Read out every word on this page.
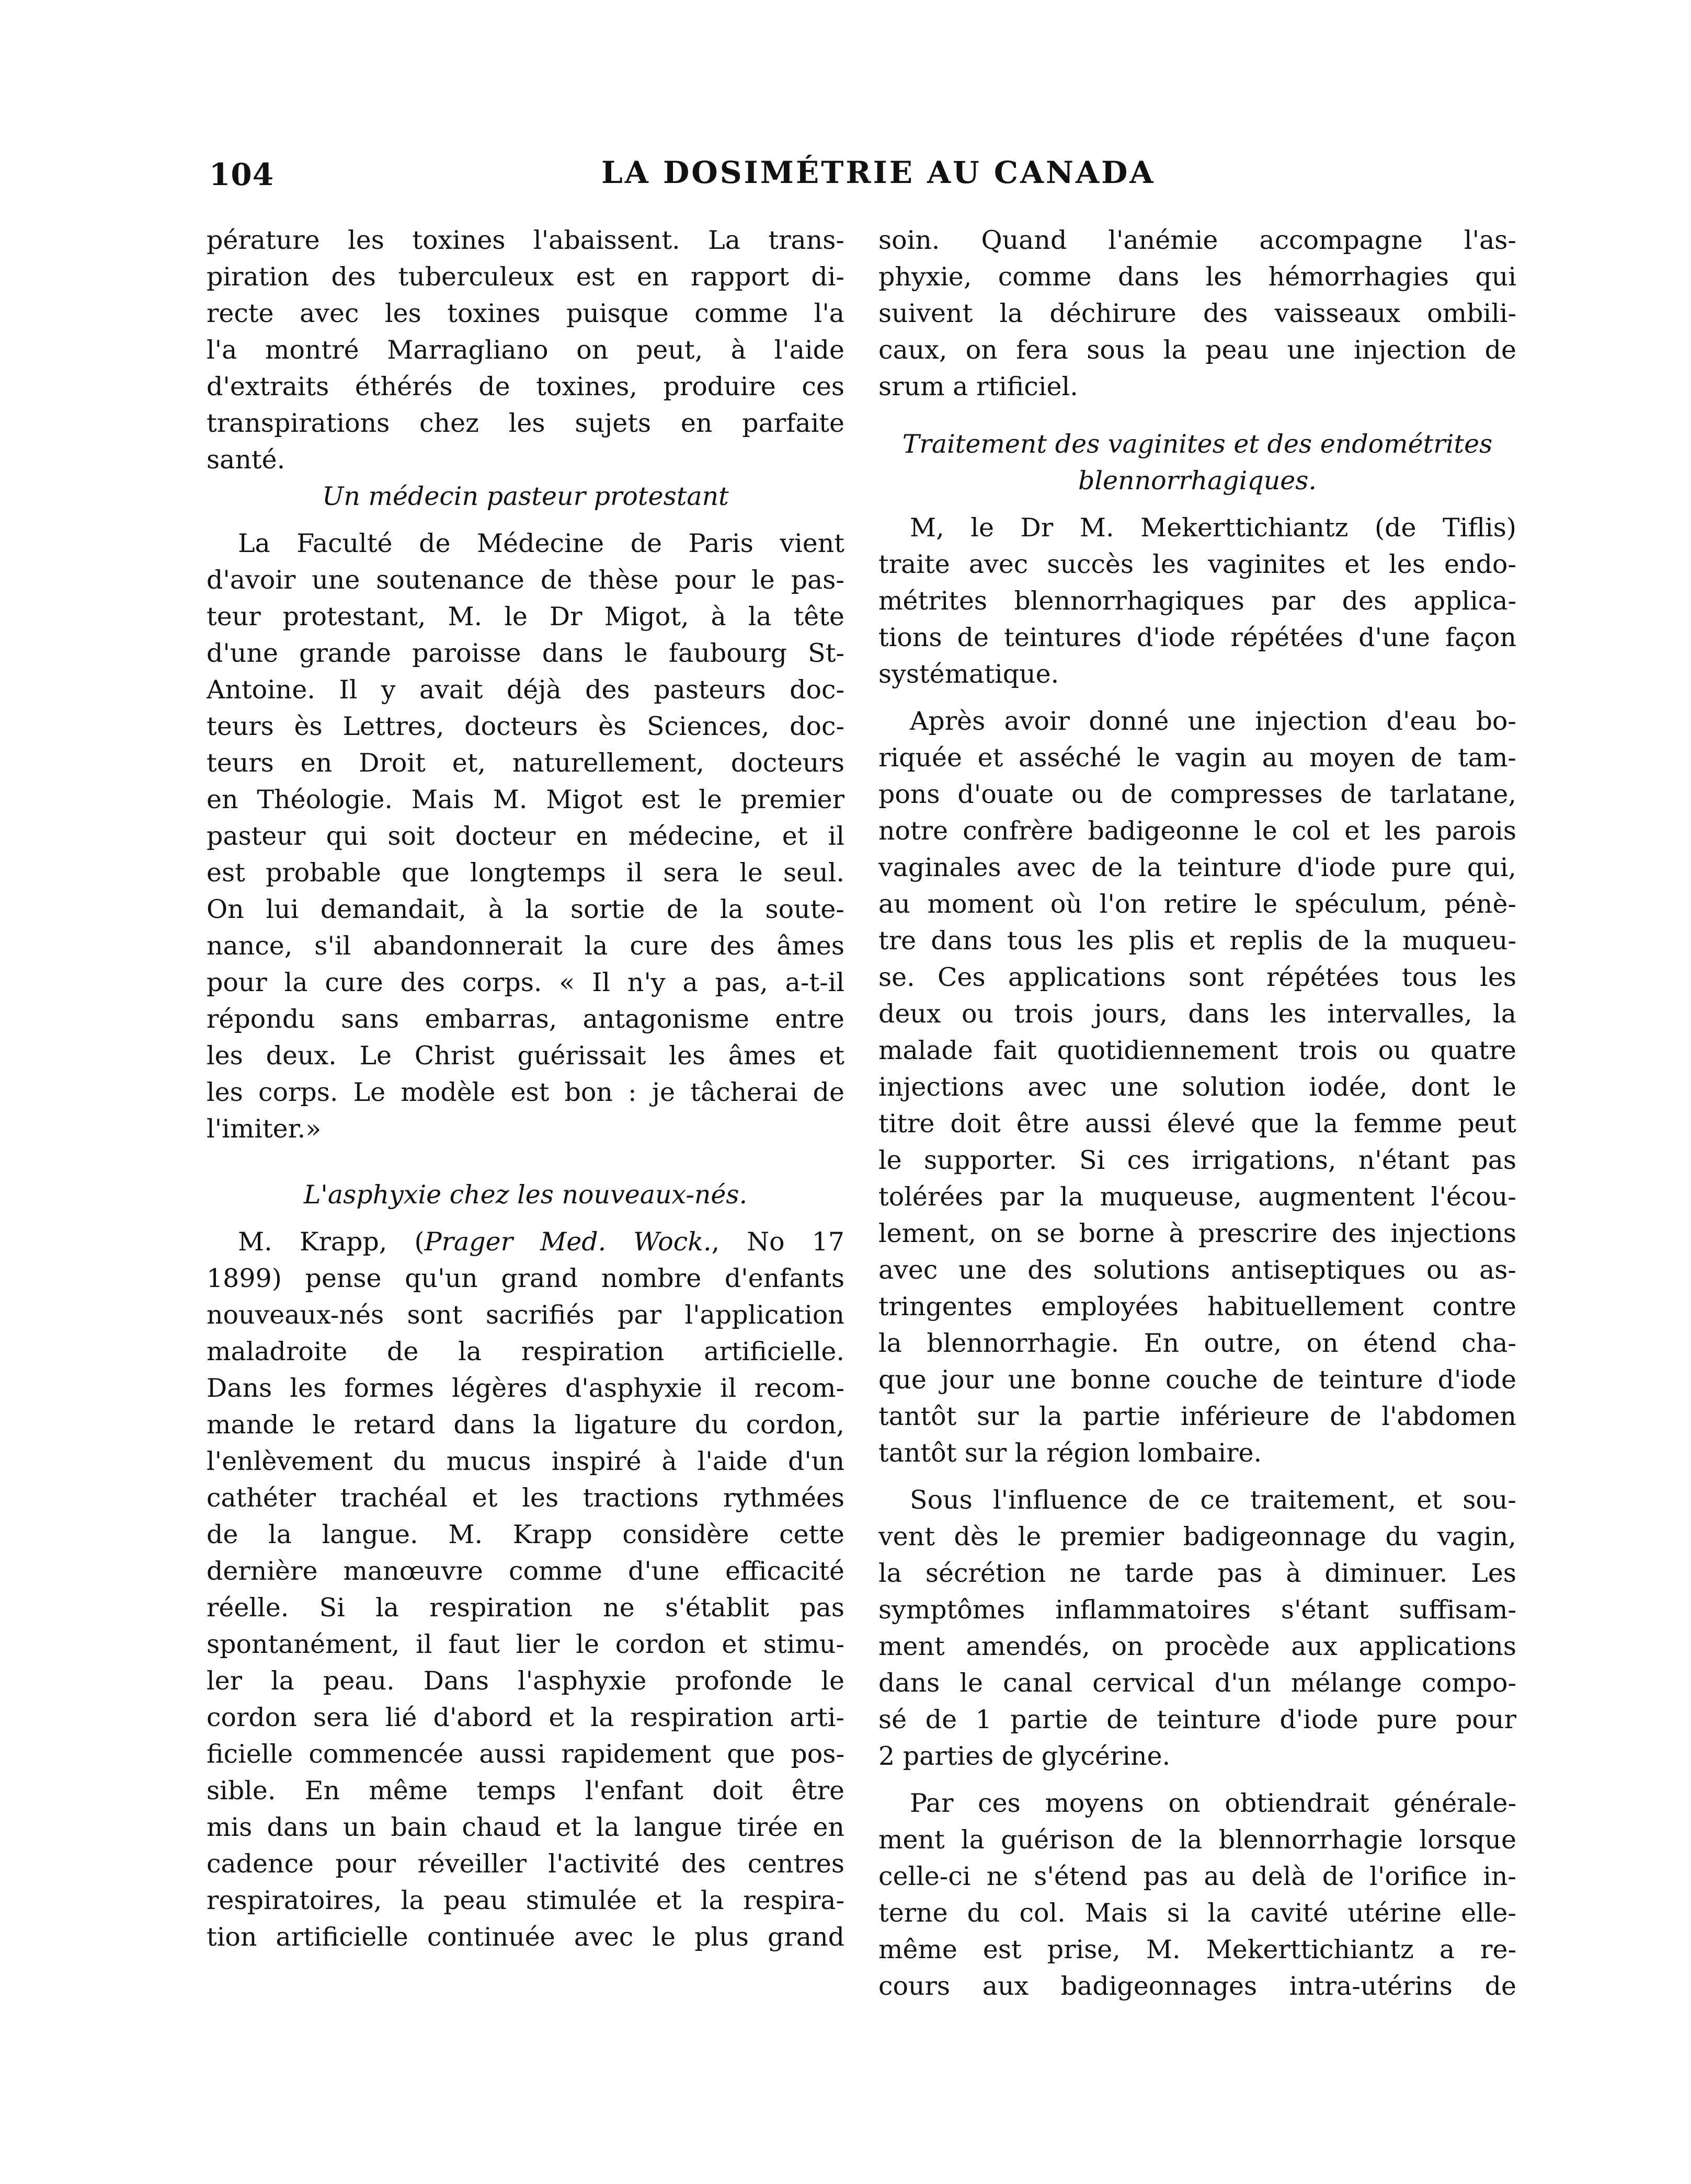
104	LA DOSIMÉTRIE AU CANADA
pérature les toxines l'abaissent. La trans-
piration des tuberculeux est en rapport di-
recte avec les toxines puisque comme l'a
l'a montré Marragliano on peut, à l'aide
d'extraits éthérés de toxines, produire ces
transpirations chez les sujets en parfaite
santé.
Un médecin pasteur protestant
La Faculté de Médecine de Paris vient
d'avoir une soutenance de thèse pour le pas-
teur protestant, M. le Dr Migot, à la tête
d'une grande paroisse dans le faubourg St-
Antoine. Il y avait déjà des pasteurs doc-
teurs ès Lettres, docteurs ès Sciences, doc-
teurs en Droit et, naturellement, docteurs
en Théologie. Mais M. Migot est le premier
pasteur qui soit docteur en médecine, et il
est probable que longtemps il sera le seul.
On lui demandait, à la sortie de la soute-
nance, s'il abandonnerait la cure des âmes
pour la cure des corps. « Il n'y a pas, a-t-il
répondu sans embarras, antagonisme entre
les deux. Le Christ guérissait les âmes et
les corps. Le modèle est bon : je tâcherai de
l'imiter.»
L'asphyxie chez les nouveaux-nés.
M. Krapp, (Prager Med. Wock., No 17
1899) pense qu'un grand nombre d'enfants
nouveaux-nés sont sacrifiés par l'application
maladroite de la respiration artificielle.
Dans les formes légères d'asphyxie il recom-
mande le retard dans la ligature du cordon,
l'enlèvement du mucus inspiré à l'aide d'un
cathéter trachéal et les tractions rythmées
de la langue. M. Krapp considère cette
dernière manœuvre comme d'une efficacité
réelle. Si la respiration ne s'établit pas
spontanément, il faut lier le cordon et stimu-
ler la peau. Dans l'asphyxie profonde le
cordon sera lié d'abord et la respiration arti-
ficielle commencée aussi rapidement que pos-
sible. En même temps l'enfant doit être
mis dans un bain chaud et la langue tirée en
cadence pour réveiller l'activité des centres
respiratoires, la peau stimulée et la respira-
tion artificielle continuée avec le plus grand
soin. Quand l'anémie accompagne l'as-
phyxie, comme dans les hémorrhagies qui
suivent la déchirure des vaisseaux ombili-
caux, on fera sous la peau une injection de
srum a rtificiel.
Traitement des vaginites et des endométrites
blennorrhagiques.
M, le Dr M. Mekerttichiantz (de Tiflis)
traite avec succès les vaginites et les endo-
métrites blennorrhagiques par des applica-
tions de teintures d'iode répétées d'une façon
systématique.
Après avoir donné une injection d'eau bo-
riquée et asséché le vagin au moyen de tam-
pons d'ouate ou de compresses de tarlatane,
notre confrère badigeonne le col et les parois
vaginales avec de la teinture d'iode pure qui,
au moment où l'on retire le spéculum, pénè-
tre dans tous les plis et replis de la muqueu-
se. Ces applications sont répétées tous les
deux ou trois jours, dans les intervalles, la
malade fait quotidiennement trois ou quatre
injections avec une solution iodée, dont le
titre doit être aussi élevé que la femme peut
le supporter. Si ces irrigations, n'étant pas
tolérées par la muqueuse, augmentent l'écou-
lement, on se borne à prescrire des injections
avec une des solutions antiseptiques ou as-
tringentes employées habituellement contre
la blennorrhagie. En outre, on étend cha-
que jour une bonne couche de teinture d'iode
tantôt sur la partie inférieure de l'abdomen
tantôt sur la région lombaire.
Sous l'influence de ce traitement, et sou-
vent dès le premier badigeonnage du vagin,
la sécrétion ne tarde pas à diminuer. Les
symptômes inflammatoires s'étant suffisam-
ment amendés, on procède aux applications
dans le canal cervical d'un mélange compo-
sé de 1 partie de teinture d'iode pure pour
2 parties de glycérine.
Par ces moyens on obtiendrait générale-
ment la guérison de la blennorrhagie lorsque
celle-ci ne s'étend pas au delà de l'orifice in-
terne du col. Mais si la cavité utérine elle-
même est prise, M. Mekerttichiantz a re-
cours aux badigeonnages intra-utérins de
